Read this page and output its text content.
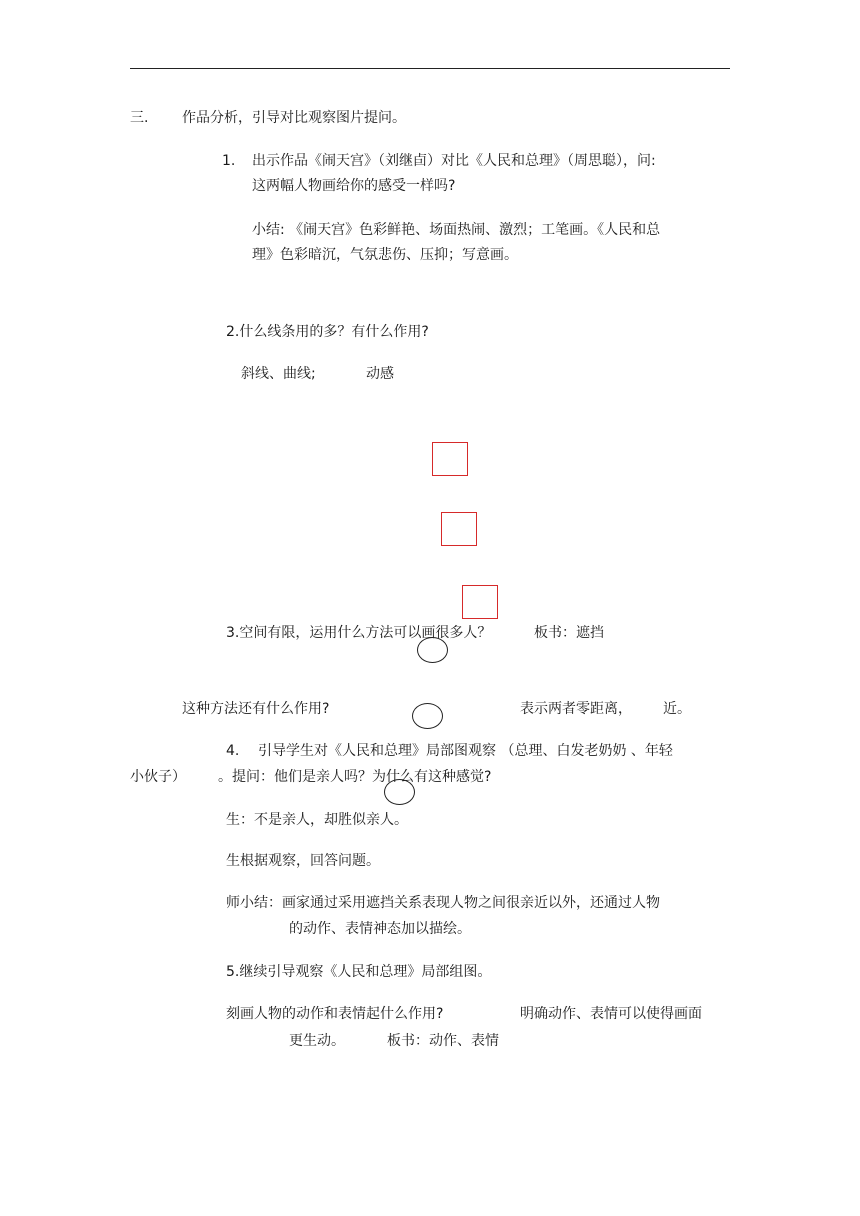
三. 作品分析，引导对比观察图片提问。
1. 出示作品《闹天宫》（刘继卣）对比《人民和总理》（周思聪），问:
这两幅人物画给你的感受一样吗?
小结: 《闹天宫》色彩鲜艳、场面热闹、激烈；工笔画。《人民和总
理》色彩暗沉，气氛悲伤、压抑；写意画。
2.什么线条用的多？有什么作用?
斜线、曲线;	动感
3.空间有限，运用什么方法可以画很多人？	板书：遮挡
这种方法还有什么作用?	表示两者零距离， 近。
4. 引导学生对《人民和总理》局部图观察 （总理、白发老奶奶 、年轻
小伙子） 。提问：他们是亲人吗？为什么有这种感觉?
生：不是亲人，却胜似亲人。
生根据观察，回答问题。
师小结：画家通过采用遮挡关系表现人物之间很亲近以外，还通过人物
的动作、表情神态加以描绘。
5.继续引导观察《人民和总理》局部组图。
刻画人物的动作和表情起什么作用?	明确动作、表情可以使得画面
更生动。	板书：动作、表情
